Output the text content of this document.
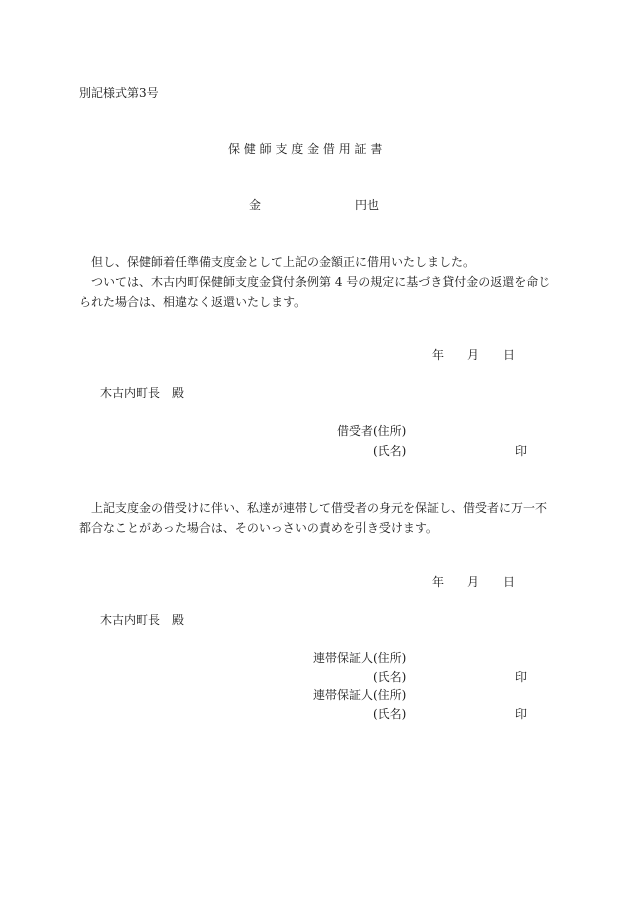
別記様式第3号
保 健 師 支 度 金 借 用 証 書
金	円也

但し、保健師着任準備支度金として上記の金額正に借用いたしました。

ついては、木古内町保健師支度金貸付条例第 4 号の規定に基づき貸付金の返還を命じられた場合は、相違なく返還いたします。

年 月 日
木古内町長　殿
借受者(住所)
(氏名)	印

上記支度金の借受けに伴い、私達が連帯して借受者の身元を保証し、借受者に万一不都合なことがあった場合は、そのいっさいの責めを引き受けます。

年 月 日
木古内町長　殿
連帯保証人(住所)
(氏名)	印
連帯保証人(住所)
(氏名)	印
